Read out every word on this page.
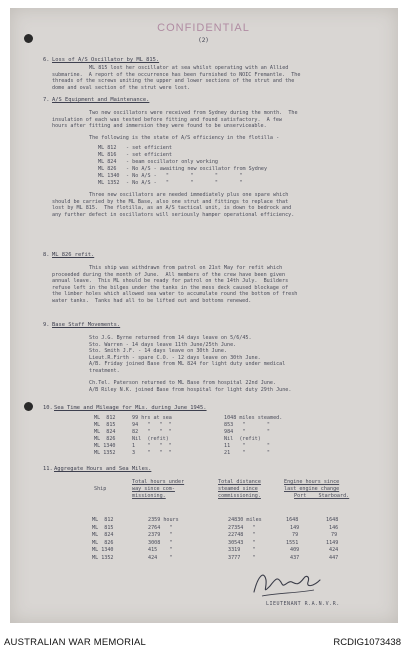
CONFIDENTIAL
(2)
6. Loss of A/S Oscillator by ML 815.
ML 815 lost her oscillator at sea whilst operating with an Allied
submarine.  A report of the occurrence has been furnished to NOIC Fremantle.  The
threads of the screws uniting the upper and lower sections of the strut and the
dome and oval section of the strut were lost.
7. A/S Equipment and Maintenance.
Two new oscillators were received from Sydney during the month.  The
insulation of each was tested before fitting and found satisfactory.  A few
hours after fitting and immersion they were found to be unserviceable.
The following is the state of A/S efficiency in the flotilla -
ML 812 - set efficient
ML 816 - set efficient
ML 824 - beam oscillator only working
ML 826 - No A/S - awaiting new oscillator from Sydney
ML 1340 - No A/S -   "       "       "       "
ML 1352 - No A/S -   "       "       "       "
Three new oscillators are needed immediately plus one spare which
should be carried by the ML Base, also one strut and fittings to replace that
lost by ML 815.  The flotilla, as an A/S tactical unit, is down to bedrock and
any further defect in oscillators will seriously hamper operational efficiency.
8. ML 826 refit.
This ship was withdrawn from patrol on 21st May for refit which
proceeded during the month of June.  All members of the crew have been given
annual leave.  This ML should be ready for patrol on the 14th July.  Builders
refuse left in the bilges under the tanks in the mess deck caused blockage of
the limber holes which allowed sea water to accumulate round the bottom of fresh
water tanks.  Tanks had all to be lifted out and bottoms renewed.
9. Base Staff Movements.
Sto J.G. Byrne returned from 14 days leave on 5/6/45.
Sto. Warren - 14 days leave 11th June/25th June.
Sto. Smith J.F. - 14 days leave on 30th June.
Lieut.R.Firth - spare C.O. - 12 days leave on 30th June.
A/B. Friday joined Base from ML 824 for light duty under medical
treatment.
Ch.Tel. Paterson returned to ML Base from hospital 22nd June.
A/B Riley N.K. joined Base from hospital for light duty 29th June.
10. Sea Time and Mileage for MLs. during June 1945.
ML  812	99 hrs at sea	1048 miles steamed.
ML  815	94   "   "  "	853   "       "
ML  824	82   "   "  "	984   "       "
ML  826	Nil  (refit)	Nil  (refit)
ML 1340	1    "   "  "	11    "       "
ML 1352	3    "   "  "	21    "       "
11. Aggregate Hours and Sea Miles.
Ship
Total hours under
way since com-
missioning.
Total distance
steamed since
commissioning.
Engine hours since
last engine change
Port    Starboard.
ML  812	2359 hours	24830 miles	1648	1648
ML  815	2764   "	27354   "	149	146
ML  824	2379   "	22748   "	79	79
ML  826	3008   "	30543   "	1551	1149
ML 1340	415    "	3319    "	409	424
ML 1352	424    "	3777    "	437	447
LIEUTENANT R.A.N.V.R.
AUSTRALIAN WAR MEMORIAL	RCDIG1073438
